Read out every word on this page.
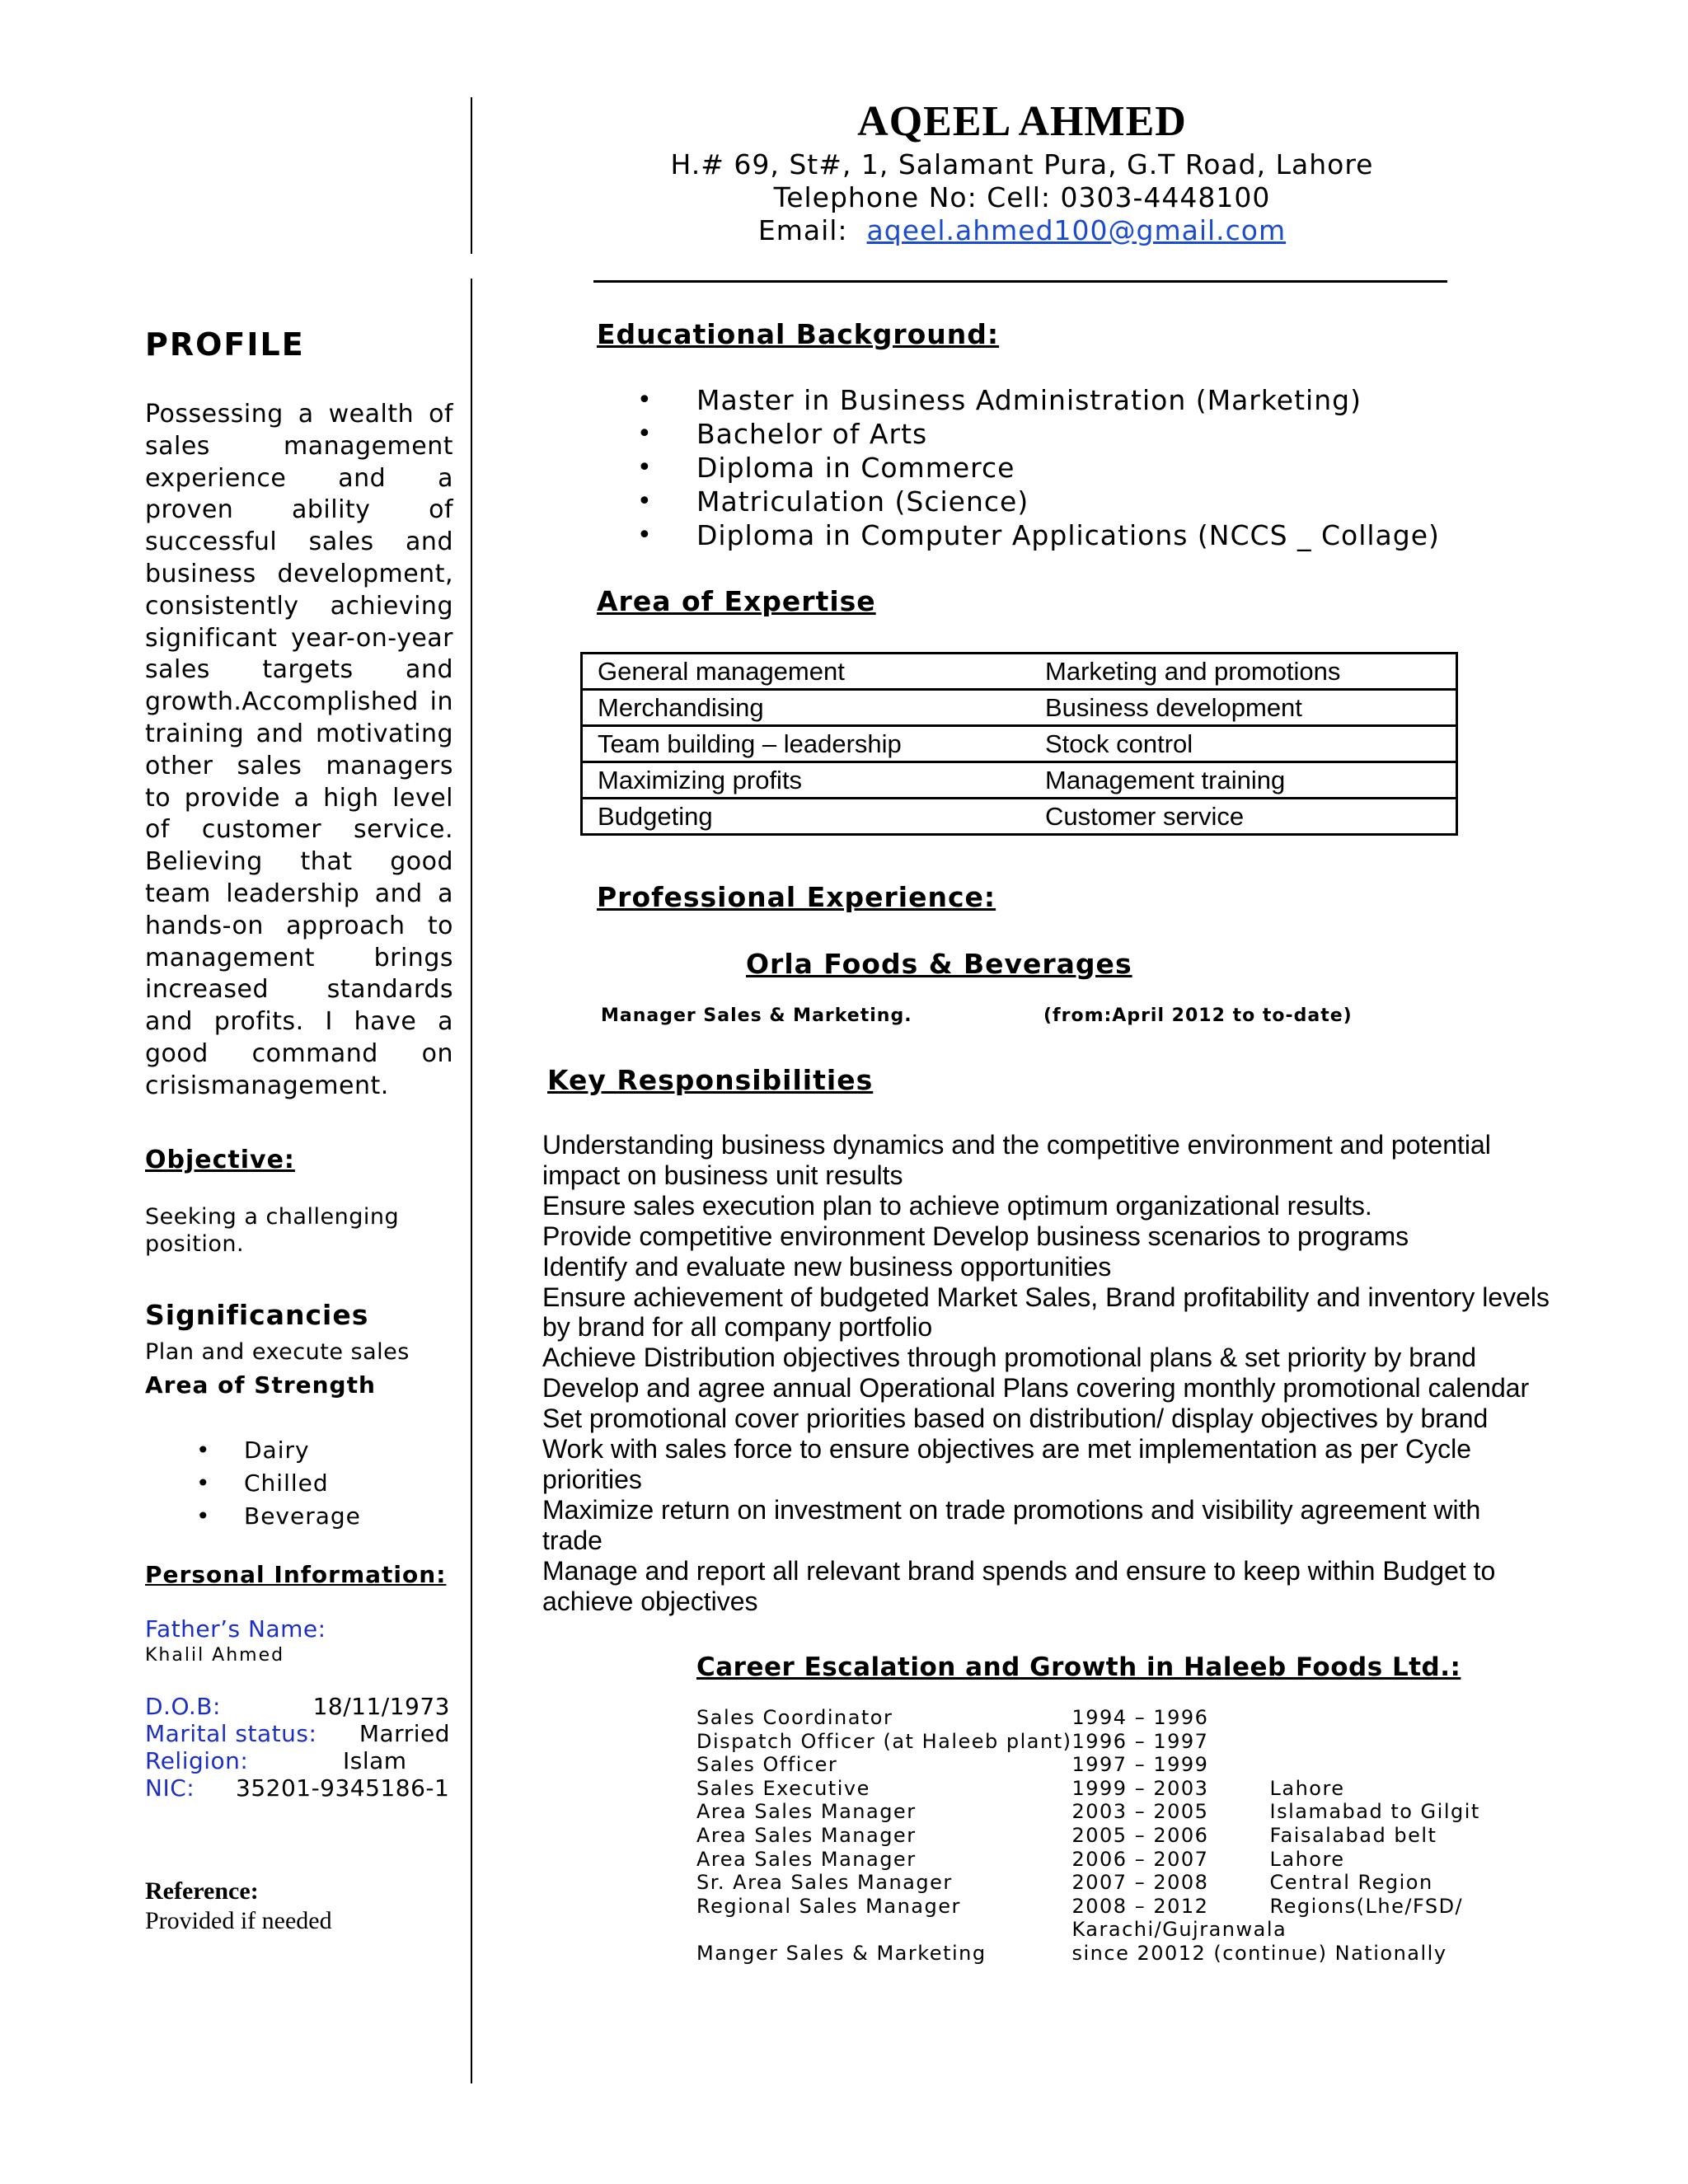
AQEEL AHMED
H.# 69, St#, 1, Salamant Pura, G.T Road, Lahore
Telephone No: Cell: 0303-4448100
Email: aqeel.ahmed100@gmail.com
PROFILE
Possessing a wealth of sales management experience and a proven ability of successful sales and business development, consistently achieving significant year-on-year sales targets and growth.Accomplished in training and motivating other sales managers to provide a high level of customer service. Believing that good team leadership and a hands-on approach to management brings increased standards and profits. I have a good command on crisismanagement.
Objective:
Seeking a challenging position.
Significancies
Plan and execute sales
Area of Strength
• Dairy
• Chilled
• Beverage
Personal Information:
Father’s Name:
Khalil Ahmed
D.O.B:	18/11/1973
Marital status: Married
Religion:	Islam
NIC:	35201-9345186-1
Reference:
Provided if needed
Educational Background:
• Master in Business Administration (Marketing)
• Bachelor of Arts
• Diploma in Commerce
• Matriculation (Science)
• Diploma in Computer Applications (NCCS _ Collage)
Area of Expertise
General management	Marketing and promotions
Merchandising	Business development
Team building – leadership	Stock control
Maximizing profits	Management training
Budgeting	Customer service
Professional Experience:
Orla Foods & Beverages
Manager Sales & Marketing.	(from:April 2012 to to-date)
Key Responsibilities
Understanding business dynamics and the competitive environment and potential
impact on business unit results
Ensure sales execution plan to achieve optimum organizational results.
Provide competitive environment Develop business scenarios to programs
Identify and evaluate new business opportunities
Ensure achievement of budgeted Market Sales, Brand profitability and inventory levels
by brand for all company portfolio
Achieve Distribution objectives through promotional plans & set priority by brand
Develop and agree annual Operational Plans covering monthly promotional calendar
Set promotional cover priorities based on distribution/ display objectives by brand
Work with sales force to ensure objectives are met implementation as per Cycle
priorities
Maximize return on investment on trade promotions and visibility agreement with
trade
Manage and report all relevant brand spends and ensure to keep within Budget to
achieve objectives
Career Escalation and Growth in Haleeb Foods Ltd.:
Sales Coordinator	1994 – 1996	
Dispatch Officer (at Haleeb plant)	1996 – 1997	
Sales Officer	1997 – 1999	
Sales Executive	1999 – 2003	Lahore
Area Sales Manager	2003 – 2005	Islamabad to Gilgit
Area Sales Manager	2005 – 2006	Faisalabad belt
Area Sales Manager	2006 – 2007	Lahore
Sr. Area Sales Manager	2007 – 2008	Central Region
Regional Sales Manager	2008 – 2012	Regions(Lhe/FSD/
	Karachi/Gujranwala	
Manger Sales & Marketing	since 20012 (continue) Nationally	
